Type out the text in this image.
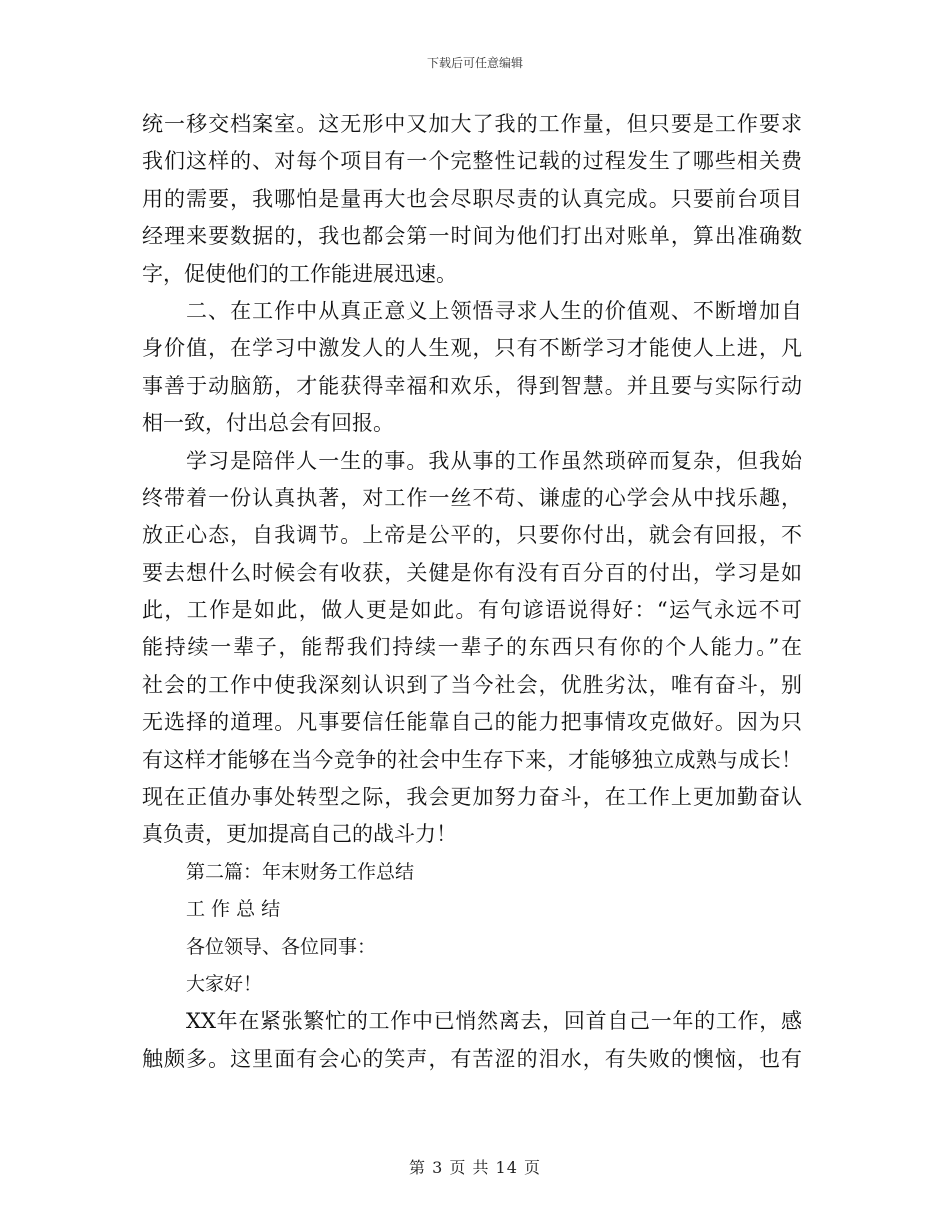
下载后可任意编辑
统一移交档案室。这无形中又加大了我的工作量，但只要是工作要求
我们这样的、对每个项目有一个完整性记载的过程发生了哪些相关费
用的需要，我哪怕是量再大也会尽职尽责的认真完成。只要前台项目
经理来要数据的，我也都会第一时间为他们打出对账单，算出准确数
字，促使他们的工作能进展迅速。
二、在工作中从真正意义上领悟寻求人生的价值观、不断增加自
身价值，在学习中激发人的人生观，只有不断学习才能使人上进，凡
事善于动脑筋，才能获得幸福和欢乐，得到智慧。并且要与实际行动
相一致，付出总会有回报。
学习是陪伴人一生的事。我从事的工作虽然琐碎而复杂，但我始
终带着一份认真执著，对工作一丝不苟、谦虚的心学会从中找乐趣，
放正心态，自我调节。上帝是公平的，只要你付出，就会有回报，不
要去想什么时候会有收获，关健是你有没有百分百的付出，学习是如
此，工作是如此，做人更是如此。有句谚语说得好：“运气永远不可
能持续一辈子，能帮我们持续一辈子的东西只有你的个人能力。”在
社会的工作中使我深刻认识到了当今社会，优胜劣汰，唯有奋斗，别
无选择的道理。凡事要信任能靠自己的能力把事情攻克做好。因为只
有这样才能够在当今竞争的社会中生存下来，才能够独立成熟与成长！
现在正值办事处转型之际，我会更加努力奋斗，在工作上更加勤奋认
真负责，更加提高自己的战斗力！
第二篇：年末财务工作总结
工 作 总 结
各位领导、各位同事：
大家好！
XX年在紧张繁忙的工作中已悄然离去，回首自己一年的工作，感
触颇多。这里面有会心的笑声，有苦涩的泪水，有失败的懊恼，也有
第 3 页 共 14 页
